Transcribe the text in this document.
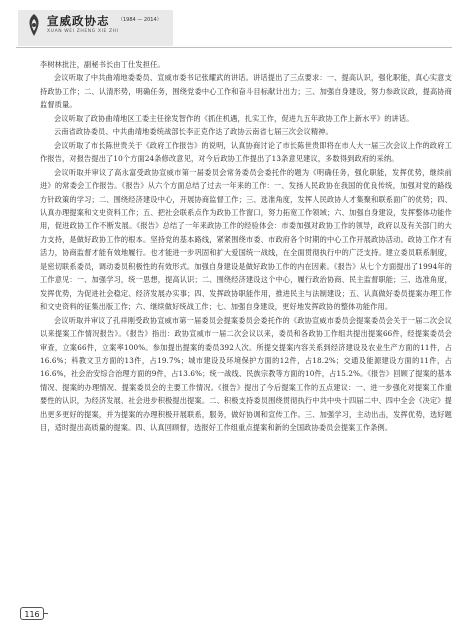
宣威政协志 （1984 — 2014）
XUAN WEI ZHENG XIE ZHI

李树林批注，副秘书长由丁仕发担任。

会议听取了中共曲靖地委委员、宣威市委书记张耀武的讲话。讲话提出了三点要求：一、提高认识，强化职能，真心实意支持政协工作；二、认清形势，明确任务，围绕党委中心工作和奋斗目标献计出力；三、加强自身建设，努力参政议政，提高协商监督质量。

会议听取了政协曲靖地区工委主任徐发智作的《抓住机遇，扎实工作，促进九五年政协工作上新水平》的讲话。

云南省政协委员、中共曲靖地委统战部长李正克作达了政协云南省七届三次会议精神。

会议听取了市长陈世贵关于《政府工作报告》的说明，认真协商讨论了市长陈世贵即将在市人大一届三次会议上作的政府工作报告，对报告提出了10个方面24条修改意见，对今后政协工作提出了13条意见建议，多数得到政府的采纳。

会议听取并审议了高永富受政协宣威市第一届委员会常务委员会委托作的题为《明确任务，强化职能，发挥优势，继续前进》的常委会工作报告。《报告》从六个方面总结了过去一年来的工作：一、发扬人民政协在我国的优良传统，加强对党的路线方针政策的学习；二、围绕经济建设中心，开展协商监督工作；三、选准角度，发挥人民政协人才集聚和联系面广的优势；四、认真办理提案和文史资料工作；五、把社会联系点作为政协工作窗口，努力拓宽工作领域；六、加强自身建设，发挥整体功能作用，促进政协工作不断发展。《报告》总结了一年来政协工作的经验体会：市委加强对政协工作的领导，政府以及有关部门的大力支持，是做好政协工作的根本。坚持党的基本路线，紧紧围绕市委、市政府各个时期的中心工作开展政协活动。政协工作才有活力，协商监督才能有效地履行。也才能进一步巩固和扩大爱国统一战线，在全面贯彻执行中的广泛支持。建立委员联系制度，是密切联系委员，调动委员积极性的有效形式。加强自身建设是做好政协工作的内在因素。《报告》从七个方面提出了1994年的工作意见：一、加强学习，统一思想，提高认识；二、围绕经济建设这个中心，履行政治协商、民主监督职能；三、选准角度，发挥优势，为促进社会稳定、经济发展办实事；四、发挥政协职能作用，推进民主与法制建设；五、认真做好委员提案办理工作和文史资料的征集出版工作；六、继续做好统战工作；七、加强自身建设，更好地发挥政协的整体功能作用。

会议听取并审议了孔祥刚受政协宣威市第一届委员会提案委员会委托作的《政协宣威市委员会提案委员会关于一届二次会议以来提案工作情况报告》。《报告》指出：政协宣威市一届二次会议以来，委员和各政协工作组共提出提案66件，经提案委员会审查，立案66件，立案率100%。参加提出提案的委员392人次。所提交提案内容关系到经济建设及农业生产方面的11件，占16.6%；科教文卫方面的13件，占19.7%；城市建设及环境保护方面的12件，占18.2%；交通及能源建设方面的11件，占16.6%，社会治安综合治理方面的9件，占13.6%；统一战线、民族宗教等方面的10件，占15.2%。《报告》回顾了提案的基本情况、提案的办理情况、提案委员会的主要工作情况。《报告》提出了今后提案工作的五点建议：一、进一步强化对提案工作重要性的认识，为经济发展、社会进步积极提出提案。二、积极支持委员围绕贯彻执行中共中央十四届二中、四中全会《决定》提出更多更好的提案，并为提案的办理积极开展联系，服务，做好协调和宣传工作。三、加强学习，主动出击，发挥优势，选好题目，适时提出高质量的提案。四、认真回顾督，选报好工作组重点提案和新的全国政协委员会提案工作条例。

116
